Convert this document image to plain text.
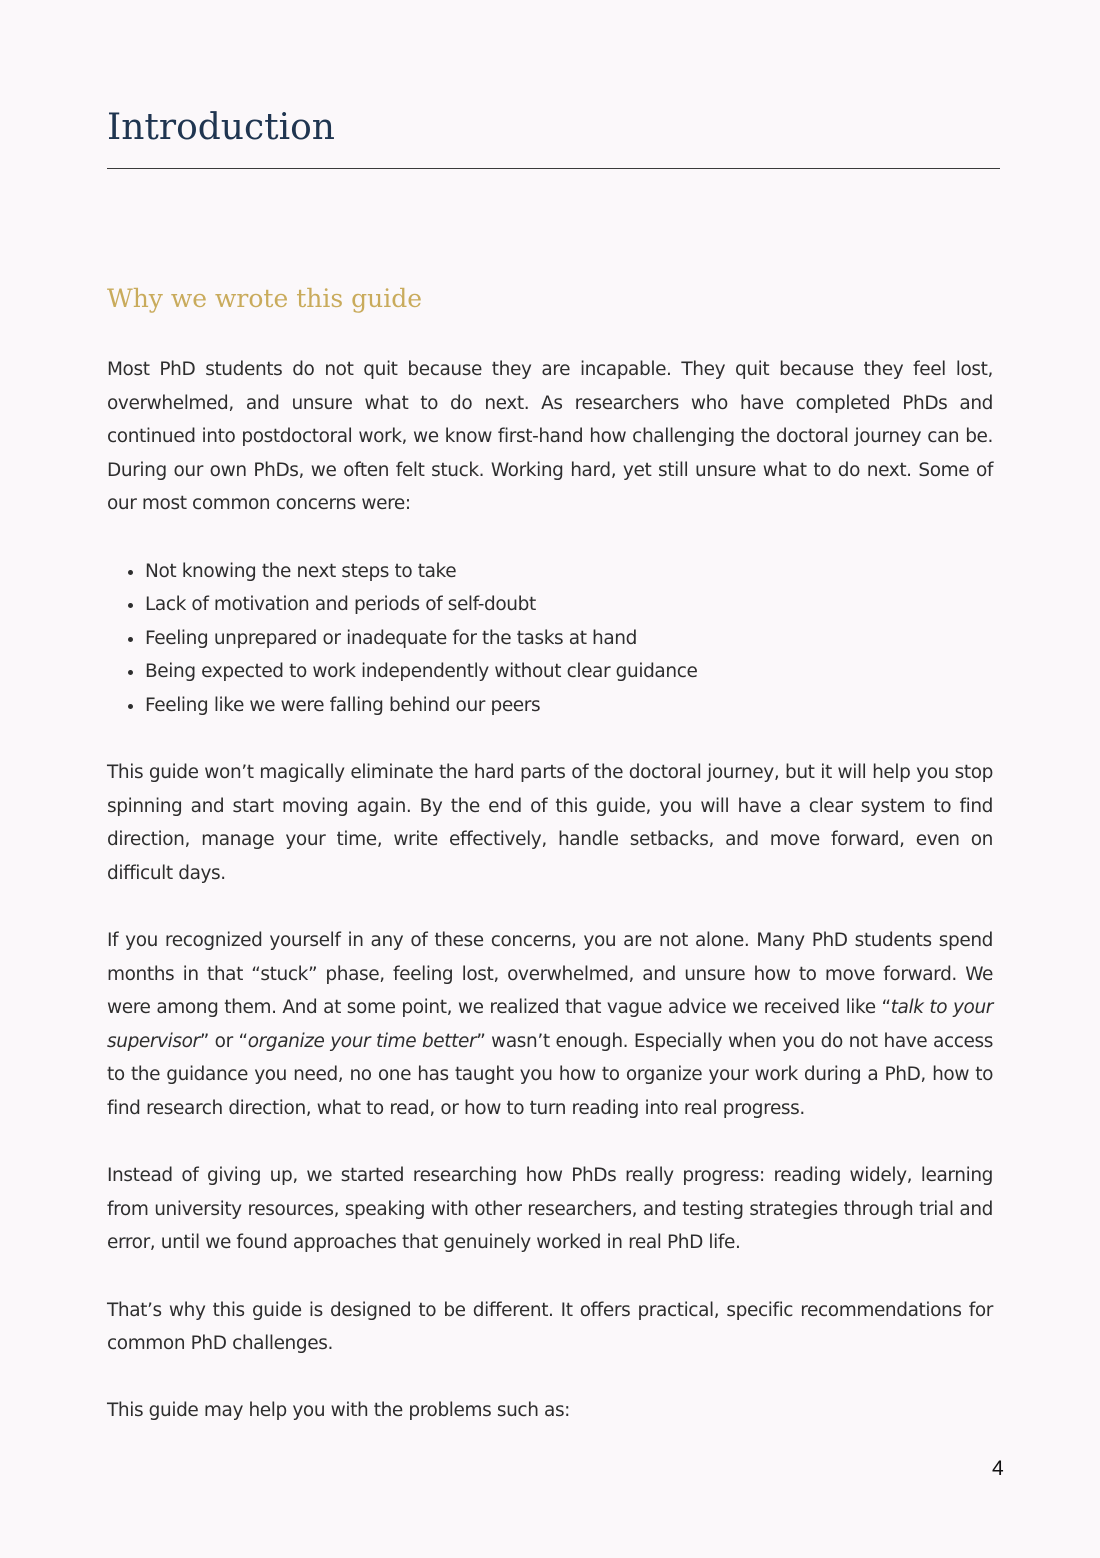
Introduction
Why we wrote this guide

Most PhD students do not quit because they are incapable. They quit because they feel lost, overwhelmed, and unsure what to do next. As researchers who have completed PhDs and continued into postdoctoral work, we know first-hand how challenging the doctoral journey can be. During our own PhDs, we often felt stuck. Working hard, yet still unsure what to do next. Some of our most common concerns were:

• Not knowing the next steps to take
• Lack of motivation and periods of self-doubt
• Feeling unprepared or inadequate for the tasks at hand
• Being expected to work independently without clear guidance
• Feeling like we were falling behind our peers

This guide won’t magically eliminate the hard parts of the doctoral journey, but it will help you stop spinning and start moving again. By the end of this guide, you will have a clear system to find direction, manage your time, write effectively, handle setbacks, and move forward, even on difficult days.

If you recognized yourself in any of these concerns, you are not alone. Many PhD students spend months in that “stuck” phase, feeling lost, overwhelmed, and unsure how to move forward. We were among them. And at some point, we realized that vague advice we received like “talk to your supervisor” or “organize your time better” wasn’t enough. Especially when you do not have access to the guidance you need, no one has taught you how to organize your work during a PhD, how to find research direction, what to read, or how to turn reading into real progress.

Instead of giving up, we started researching how PhDs really progress: reading widely, learning from university resources, speaking with other researchers, and testing strategies through trial and error, until we found approaches that genuinely worked in real PhD life.

That’s why this guide is designed to be different. It offers practical, specific recommendations for common PhD challenges.

This guide may help you with the problems such as:

4
